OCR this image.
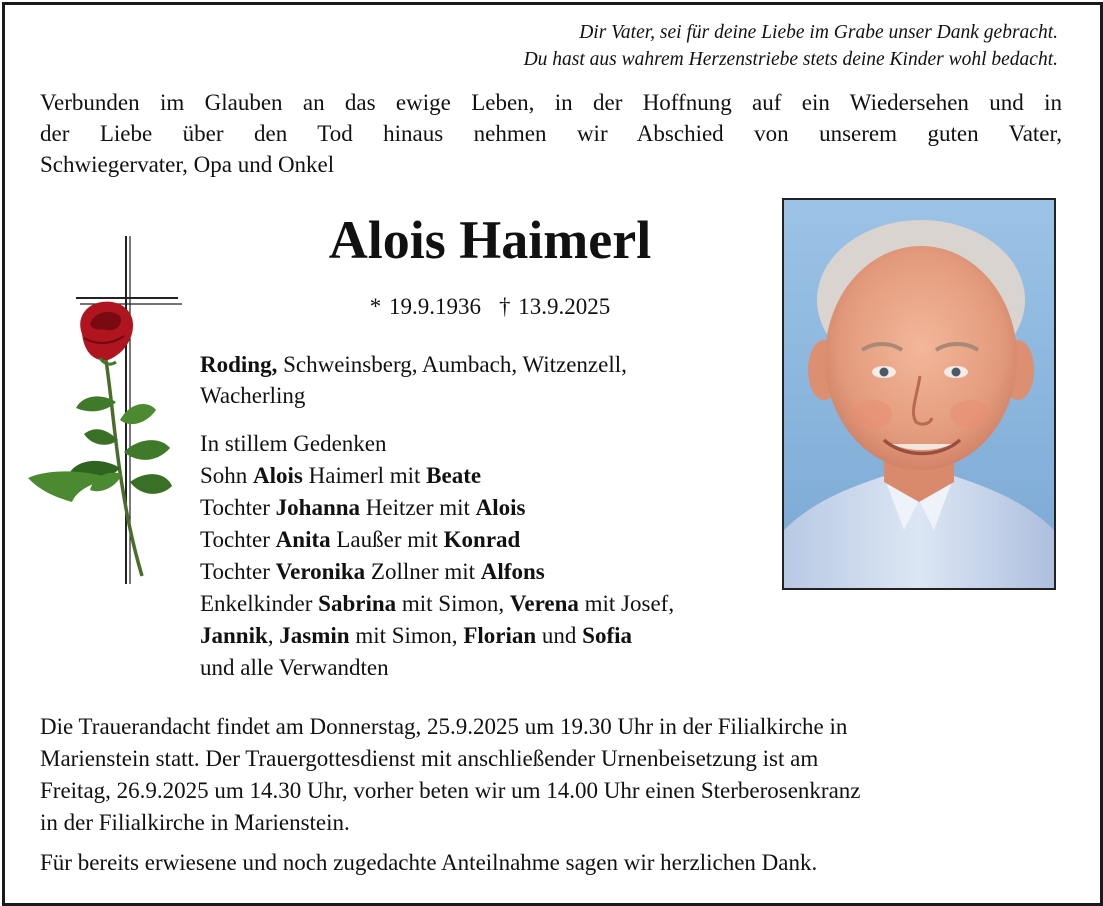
Dir Vater, sei für deine Liebe im Grabe unser Dank gebracht.
Du hast aus wahrem Herzenstriebe stets deine Kinder wohl bedacht.
Verbunden im Glauben an das ewige Leben, in der Hoffnung auf ein Wiedersehen und in
der Liebe über den Tod hinaus nehmen wir Abschied von unserem guten Vater,
Schwiegervater, Opa und Onkel
Alois Haimerl
* 19.9.1936 † 13.9.2025
Roding, Schweinsberg, Aumbach, Witzenzell,
Wacherling
In stillem Gedenken
Sohn Alois Haimerl mit Beate
Tochter Johanna Heitzer mit Alois
Tochter Anita Laußer mit Konrad
Tochter Veronika Zollner mit Alfons
Enkelkinder Sabrina mit Simon, Verena mit Josef,
Jannik, Jasmin mit Simon, Florian und Sofia
und alle Verwandten
Die Trauerandacht findet am Donnerstag, 25.9.2025 um 19.30 Uhr in der Filialkirche in
Marienstein statt. Der Trauergottesdienst mit anschließender Urnenbeisetzung ist am
Freitag, 26.9.2025 um 14.30 Uhr, vorher beten wir um 14.00 Uhr einen Sterberosenkranz
in der Filialkirche in Marienstein.
Für bereits erwiesene und noch zugedachte Anteilnahme sagen wir herzlichen Dank.
